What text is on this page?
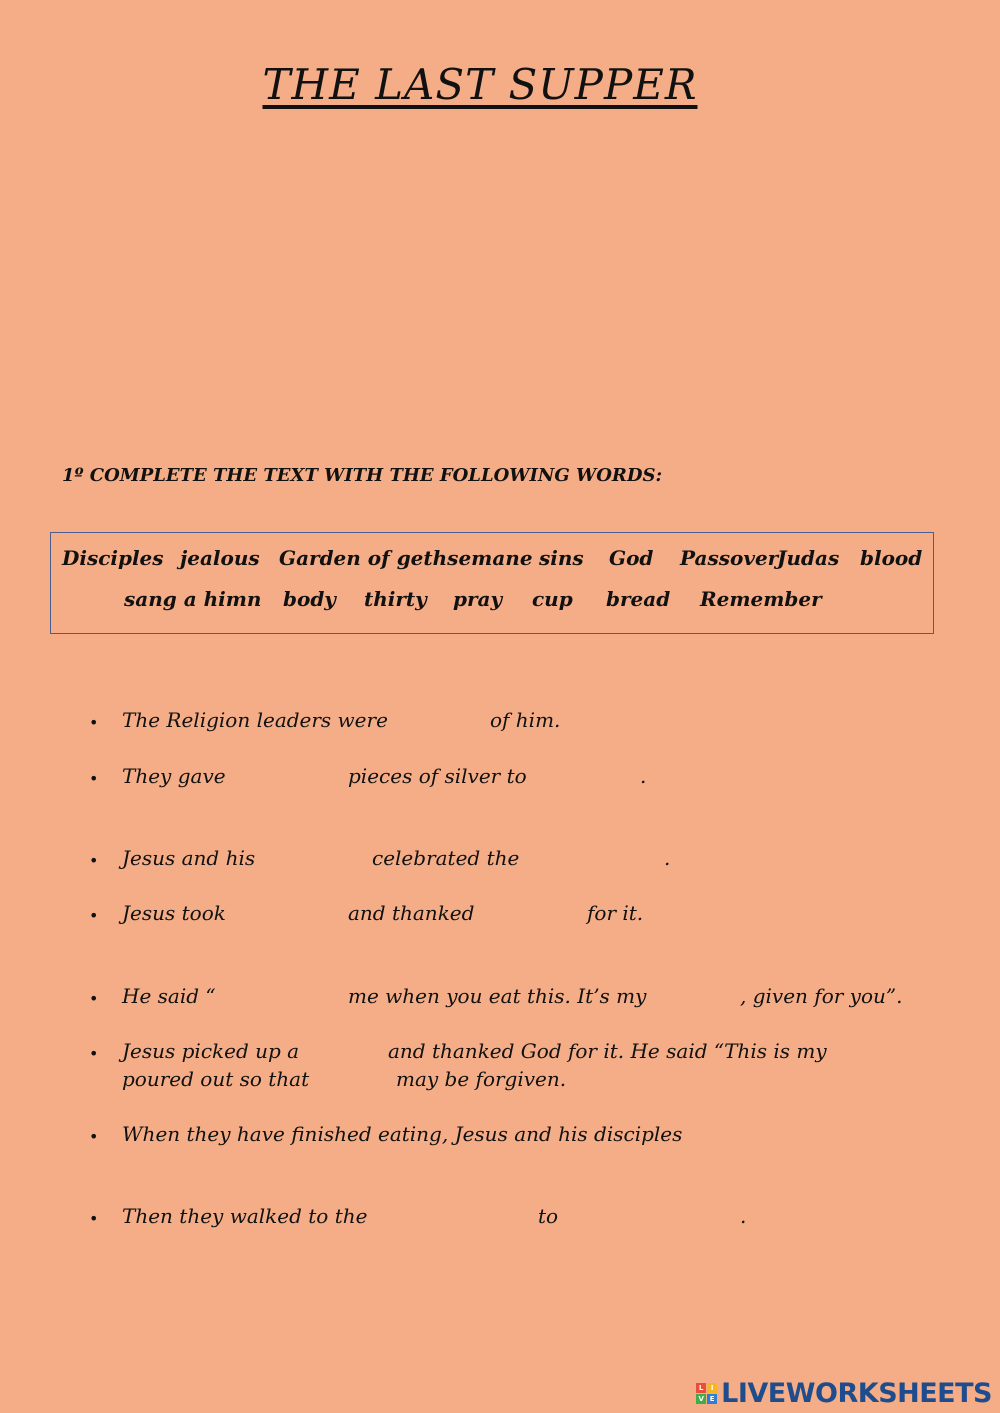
THE LAST SUPPER
1º COMPLETE THE TEXT WITH THE FOLLOWING WORDS:
Disciples jealous Garden of gethsemane sins God Passover
Judas blood
sang a himn body thirty pray cup bread Remember
• The Religion leaders were	of him.
• They gave	pieces of silver to	.
• Jesus and his	celebrated the	.
• Jesus took	and thanked	for it.
• He said “	me when you eat this. It’s my	, given for you”.
• Jesus picked up a	and thanked God for it. He said “This is my
poured out so that	may be forgiven.
• When they have finished eating, Jesus and his disciples
• Then they walked to the	to	.
L	I
V E LIVEWORKSHEETS
